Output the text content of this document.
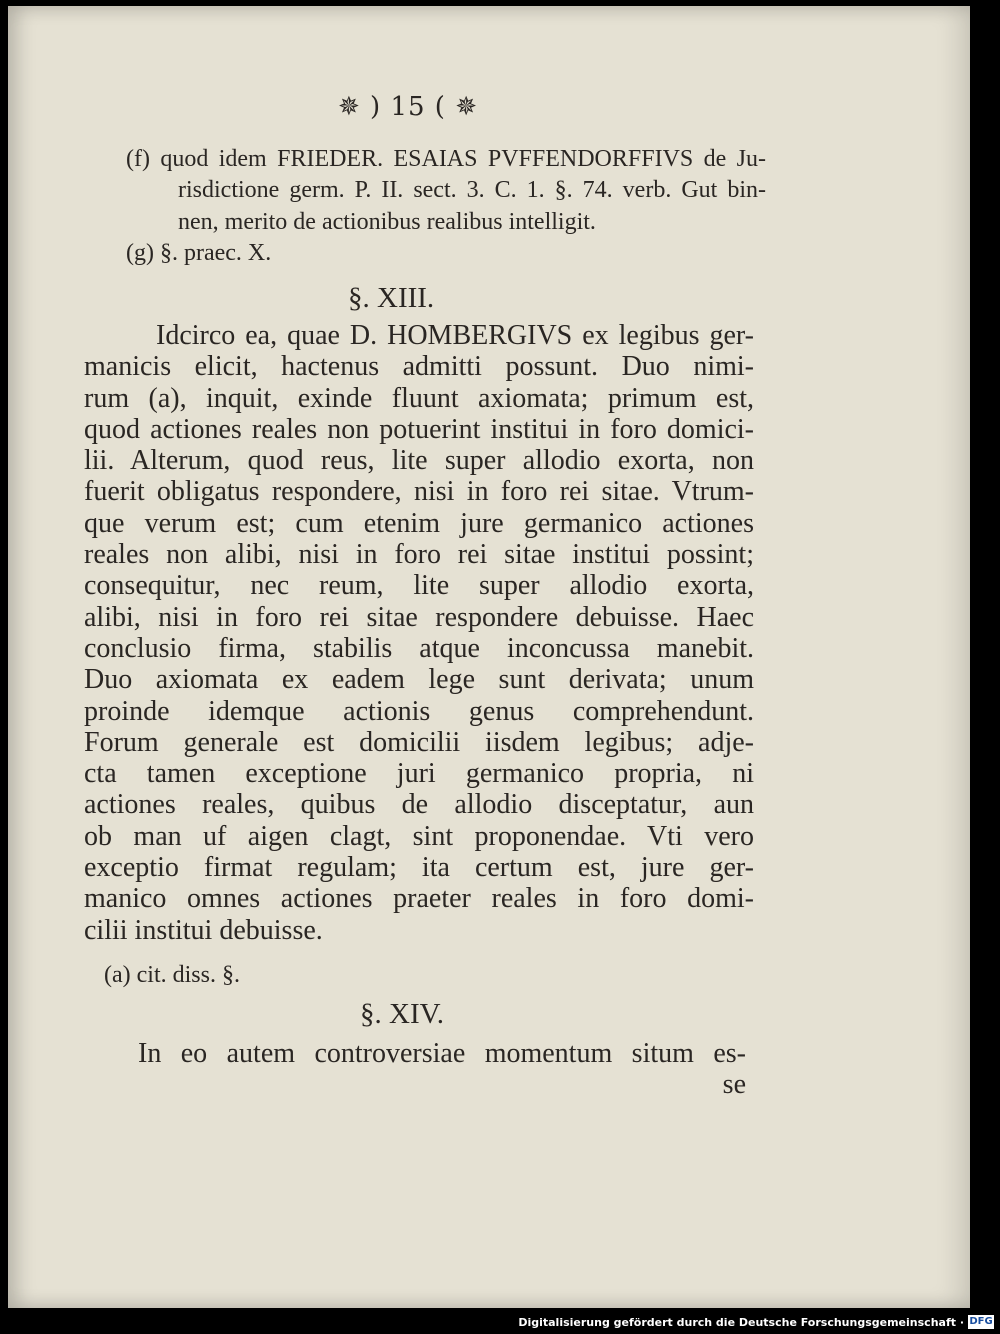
✵ ) 15 ( ✵
(f) quod idem FRIEDER. ESAIAS PVFFENDORFFIVS de Ju-
risdictione germ. P. II. sect. 3. C. 1. §. 74. verb. Gut bin-
nen, merito de actionibus realibus intelligit.
(g) §. praec. X.
§. XIII.
Idcirco ea, quae D. HOMBERGIVS ex legibus ger-
manicis elicit, hactenus admitti possunt. Duo nimi-
rum (a), inquit, exinde fluunt axiomata; primum est,
quod actiones reales non potuerint institui in foro domici-
lii. Alterum, quod reus, lite super allodio exorta, non
fuerit obligatus respondere, nisi in foro rei sitae. Vtrum-
que verum est; cum etenim jure germanico actiones
reales non alibi, nisi in foro rei sitae institui possint;
consequitur, nec reum, lite super allodio exorta,
alibi, nisi in foro rei sitae respondere debuisse. Haec
conclusio firma, stabilis atque inconcussa manebit.
Duo axiomata ex eadem lege sunt derivata; unum
proinde idemque actionis genus comprehendunt.
Forum generale est domicilii iisdem legibus; adje-
cta tamen exceptione juri germanico propria, ni
actiones reales, quibus de allodio disceptatur, aun
ob man uf aigen clagt, sint proponendae. Vti vero
exceptio firmat regulam; ita certum est, jure ger-
manico omnes actiones praeter reales in foro domi-
cilii institui debuisse.
(a) cit. diss. §.
§. XIV.
In eo autem controversiae momentum situm es-
se
Digitalisierung gefördert durch die Deutsche Forschungsgemeinschaft · DFG
